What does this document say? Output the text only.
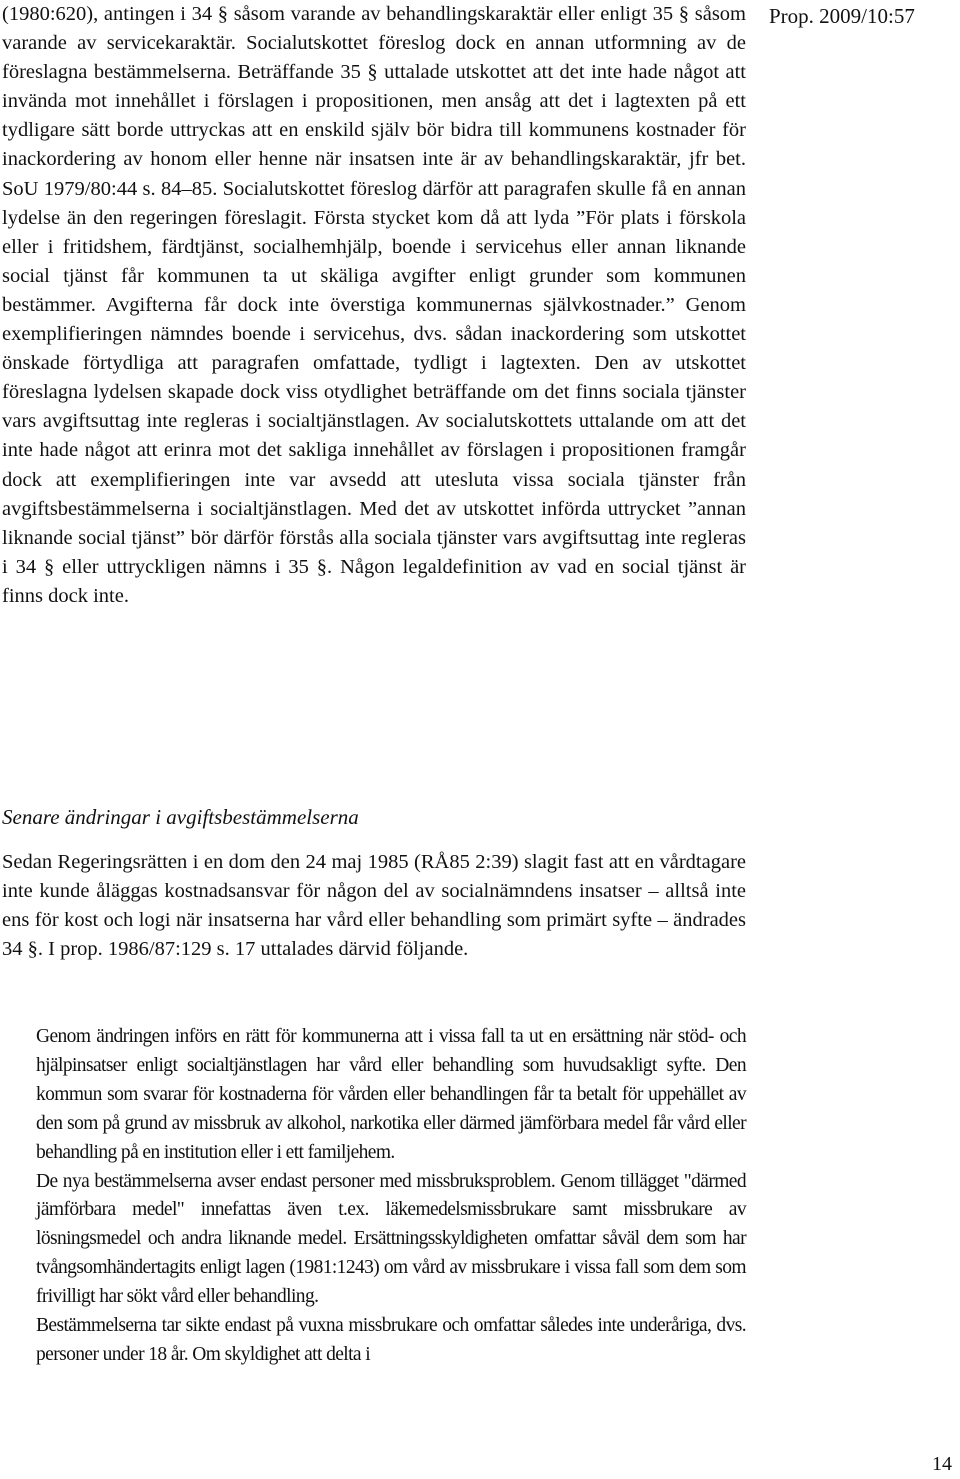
Prop. 2009/10:57

(1980:620), antingen i 34 § såsom varande av behandlingskaraktär eller enligt 35 § såsom varande av servicekaraktär. Socialutskottet föreslog dock en annan utformning av de föreslagna bestämmelserna. Beträffande 35 § uttalade utskottet att det inte hade något att invända mot innehållet i förslagen i propositionen, men ansåg att det i lagtexten på ett tydligare sätt borde uttryckas att en enskild själv bör bidra till kommunens kostnader för inackordering av honom eller henne när insatsen inte är av behandlingskaraktär, jfr bet. SoU 1979/80:44 s. 84–85. Socialutskottet föreslog därför att paragrafen skulle få en annan lydelse än den regeringen föreslagit. Första stycket kom då att lyda ”För plats i förskola eller i fritidshem, färdtjänst, socialhemhjälp, boende i servicehus eller annan liknande social tjänst får kommunen ta ut skäliga avgifter enligt grunder som kommunen bestämmer. Avgifterna får dock inte överstiga kommunernas självkostnader.” Genom exemplifieringen nämndes boende i servicehus, dvs. sådan inackordering som utskottet önskade förtydliga att paragrafen omfattade, tydligt i lagtexten. Den av utskottet föreslagna lydelsen skapade dock viss otydlighet beträffande om det finns sociala tjänster vars avgiftsuttag inte regleras i socialtjänstlagen. Av socialutskottets uttalande om att det inte hade något att erinra mot det sakliga innehållet av förslagen i propositionen framgår dock att exemplifieringen inte var avsedd att utesluta vissa sociala tjänster från avgiftsbestämmelserna i socialtjänstlagen. Med det av utskottet införda uttrycket ”annan liknande social tjänst” bör därför förstås alla sociala tjänster vars avgiftsuttag inte regleras i 34 § eller uttryckligen nämns i 35 §. Någon legaldefinition av vad en social tjänst är finns dock inte.

Senare ändringar i avgiftsbestämmelserna

Sedan Regeringsrätten i en dom den 24 maj 1985 (RÅ85 2:39) slagit fast att en vårdtagare inte kunde åläggas kostnadsansvar för någon del av socialnämndens insatser – alltså inte ens för kost och logi när insatserna har vård eller behandling som primärt syfte – ändrades 34 §. I prop. 1986/87:129 s. 17 uttalades därvid följande.

Genom ändringen införs en rätt för kommunerna att i vissa fall ta ut en ersättning när stöd- och hjälpinsatser enligt socialtjänstlagen har vård eller behandling som huvudsakligt syfte. Den kommun som svarar för kostnaderna för vården eller behandlingen får ta betalt för uppehället av den som på grund av missbruk av alkohol, narkotika eller därmed jämförbara medel får vård eller behandling på en institution eller i ett familjehem.

De nya bestämmelserna avser endast personer med missbruksproblem. Genom tillägget "därmed jämförbara medel" innefattas även t.ex. läkemedelsmissbrukare samt missbrukare av lösningsmedel och andra liknande medel. Ersättningsskyldigheten omfattar såväl dem som har tvångsomhändertagits enligt lagen (1981:1243) om vård av missbrukare i vissa fall som dem som frivilligt har sökt vård eller behandling.

Bestämmelserna tar sikte endast på vuxna missbrukare och omfattar således inte underåriga, dvs. personer under 18 år. Om skyldighet att delta i

14
